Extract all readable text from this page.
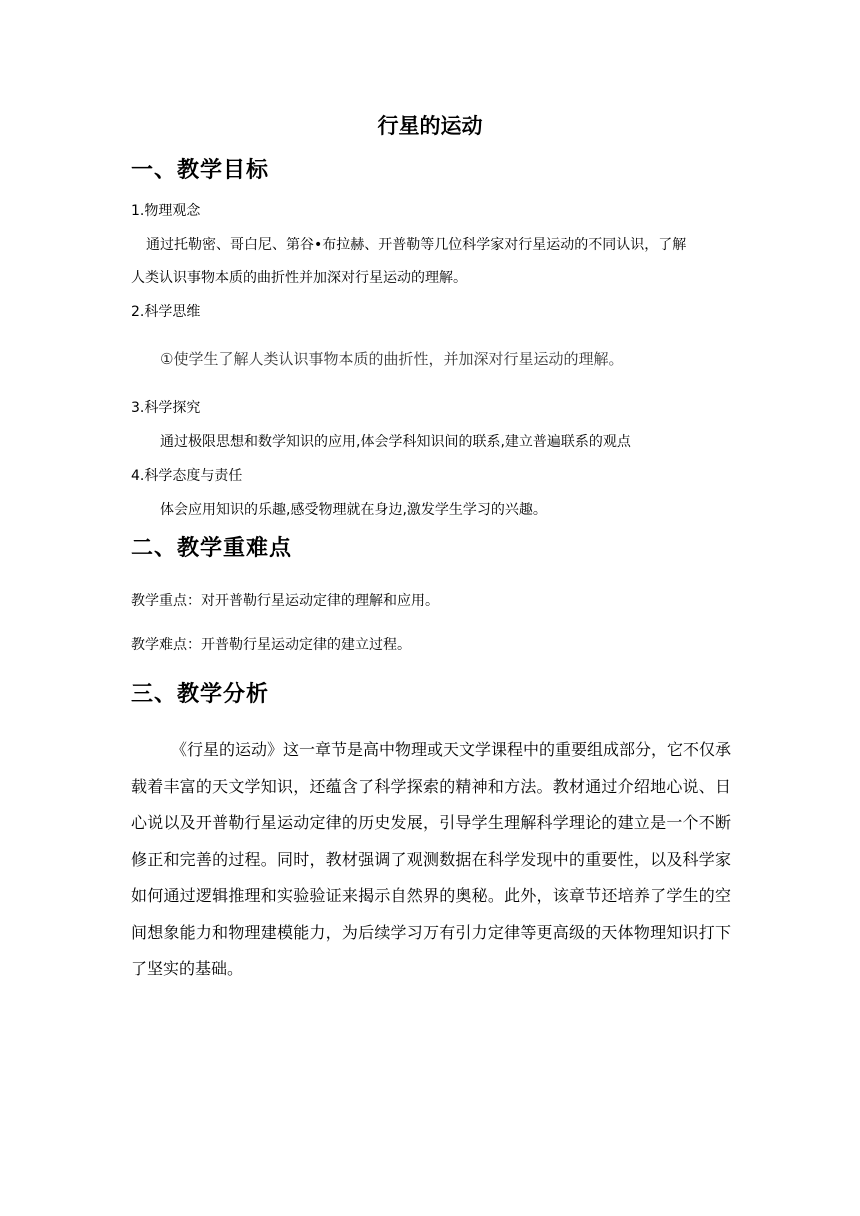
行星的运动
一、教学目标
1.物理观念
通过托勒密、哥白尼、第谷•布拉赫、开普勒等几位科学家对行星运动的不同认识，了解
人类认识事物本质的曲折性并加深对行星运动的理解。
2.科学思维
①使学生了解人类认识事物本质的曲折性，并加深对行星运动的理解。
3.科学探究
通过极限思想和数学知识的应用,体会学科知识间的联系,建立普遍联系的观点
4.科学态度与责任
体会应用知识的乐趣,感受物理就在身边,激发学生学习的兴趣。
二、教学重难点
教学重点：对开普勒行星运动定律的理解和应用。
教学难点：开普勒行星运动定律的建立过程。
三、教学分析

《行星的运动》这一章节是高中物理或天文学课程中的重要组成部分，它不仅承载着丰富的天文学知识，还蕴含了科学探索的精神和方法。教材通过介绍地心说、日心说以及开普勒行星运动定律的历史发展，引导学生理解科学理论的建立是一个不断修正和完善的过程。同时，教材强调了观测数据在科学发现中的重要性，以及科学家如何通过逻辑推理和实验验证来揭示自然界的奥秘。此外，该章节还培养了学生的空间想象能力和物理建模能力，为后续学习万有引力定律等更高级的天体物理知识打下了坚实的基础。
